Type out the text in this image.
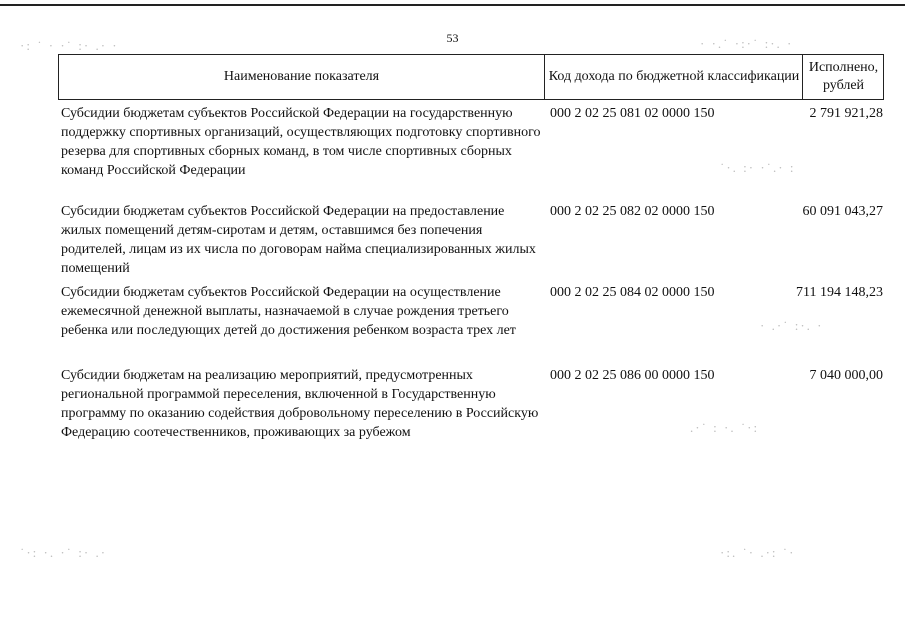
53
·: ˙ · ·˙ :· .· ·	· ·.˙ ·:·˙ :·. ·
˙·. :· ·˙.· :
· .·˙ :·. ·
.·˙ : ·. ˙·:
˙·: ·. ·˙ :· .·	·:. ˙· .·: ˙·
Наименование показателя	Код дохода по бюджетной классификации
Исполнено, рублей
Субсидии бюджетам субъектов Российской Федерации на государственную поддержку спортивных организаций, осуществляющих подготовку спортивного резерва для спортивных сборных команд, в том числе спортивных сборных команд Российской Федерации
000 2 02 25 081 02 0000 150	2 791 921,28
Субсидии бюджетам субъектов Российской Федерации на предоставление жилых помещений детям-сиротам и детям, оставшимся без попечения родителей, лицам из их числа по договорам найма специализированных жилых помещений
000 2 02 25 082 02 0000 150	60 091 043,27
Субсидии бюджетам субъектов Российской Федерации на осуществление ежемесячной денежной выплаты, назначаемой в случае рождения третьего ребенка или последующих детей до достижения ребенком возраста трех лет
000 2 02 25 084 02 0000 150	711 194 148,23
Субсидии бюджетам на реализацию мероприятий, предусмотренных региональной программой переселения, включенной в Государственную программу по оказанию содействия добровольному переселению в Российскую Федерацию соотечественников, проживающих за рубежом
000 2 02 25 086 00 0000 150	7 040 000,00
